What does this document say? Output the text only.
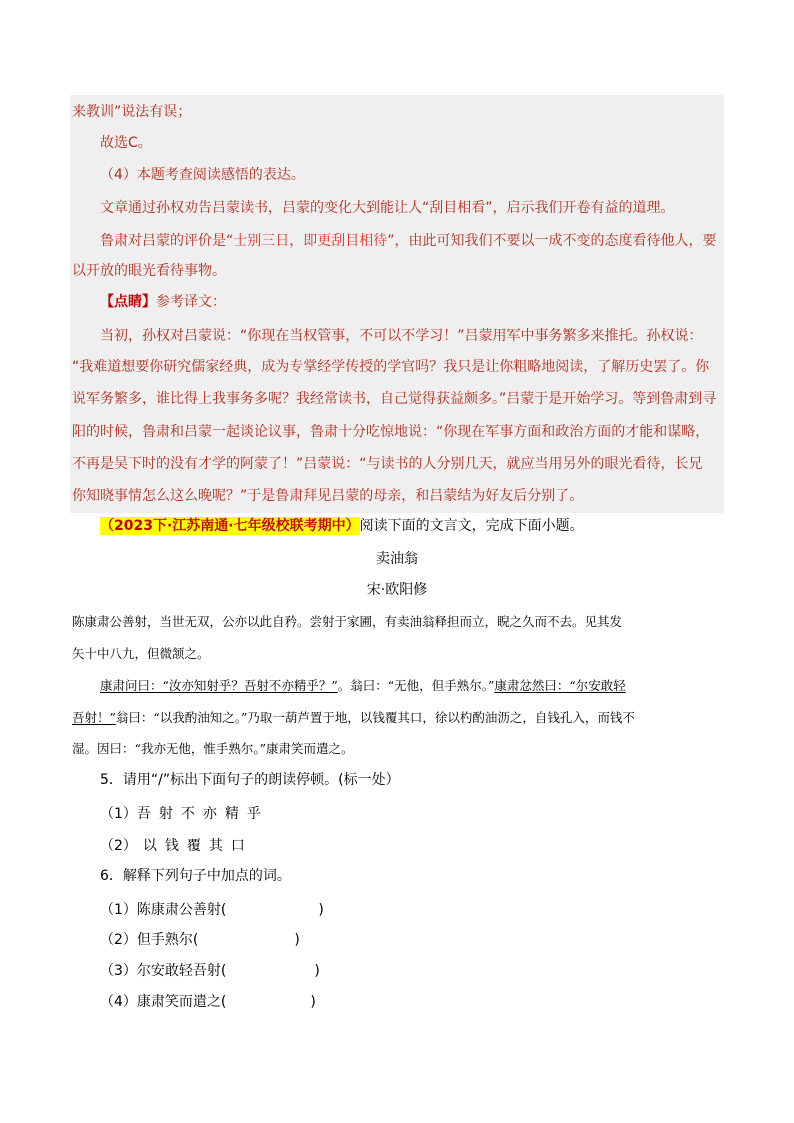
来教训”说法有误；
故选C。
（4）本题考查阅读感悟的表达。
文章通过孙权劝告吕蒙读书，吕蒙的变化大到能让人“刮目相看”，启示我们开卷有益的道理。
鲁肃对吕蒙的评价是“士别三日，即更刮目相待”，由此可知我们不要以一成不变的态度看待他人，要
以开放的眼光看待事物。
【点睛】参考译文：
当初，孙权对吕蒙说：“你现在当权管事，不可以不学习！”吕蒙用军中事务繁多来推托。孙权说：
“我难道想要你研究儒家经典，成为专掌经学传授的学官吗？我只是让你粗略地阅读，了解历史罢了。你
说军务繁多，谁比得上我事务多呢？我经常读书，自己觉得获益颇多。”吕蒙于是开始学习。等到鲁肃到寻
阳的时候，鲁肃和吕蒙一起谈论议事，鲁肃十分吃惊地说：“你现在军事方面和政治方面的才能和谋略，
不再是吴下时的没有才学的阿蒙了！”吕蒙说：“与读书的人分别几天，就应当用另外的眼光看待，长兄
你知晓事情怎么这么晚呢？”于是鲁肃拜见吕蒙的母亲，和吕蒙结为好友后分别了。
（2023下·江苏南通·七年级校联考期中）阅读下面的文言文，完成下面小题。
卖油翁
宋·欧阳修
陈康肃公善射，当世无双，公亦以此自矜。尝射于家圃，有卖油翁释担而立，睨之久而不去。见其发
矢十中八九，但微颔之。
康肃问曰：“汝亦知射乎？吾射不亦精乎？”。翁曰：“无他，但手熟尔。”康肃忿然曰：“尔安敢轻
吾射！”翁曰：“以我酌油知之。”乃取一葫芦置于地，以钱覆其口，徐以杓酌油沥之，自钱孔入，而钱不
湿。因曰：“我亦无他，惟手熟尔。”康肃笑而遣之。
5．请用“/”标出下面句子的朗读停顿。(标一处）
（1）吾射不亦精乎
（2） 以钱覆其口
6．解释下列句子中加点的词。
（1）陈康肃公善射(	)
（2）但手熟尔(	)
（3）尔安敢轻吾射(	)
（4）康肃笑而遣之(	)
